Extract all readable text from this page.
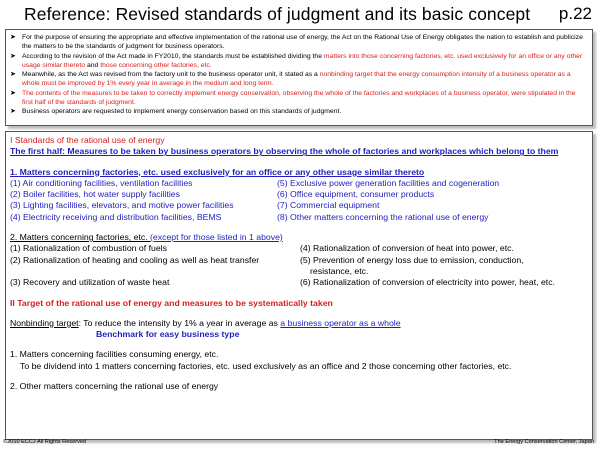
Reference: Revised standards of judgment and its basic concept p.22
➤ For the purpose of ensuring the appropriate and effective implementation of the rational use of energy, the Act on the Rational Use of Energy obligates the nation to establish and publicize the matters to be the standards of judgment for business operators.
➤ According to the revision of the Act made in FY2010, the standards must be established dividing the matters into those concerning factories, etc. used exclusively for an office or any other usage similar thereto and those concerning other factories, etc.
➤ Meanwhile, as the Act was revised from the factory unit to the business operator unit, it stated as a nonbinding target that the energy consumption intensity of a business operator as a whole must be improved by 1% every year in average in the medium and long term.
➤ The contents of the measures to be taken to correctly implement energy conservation, observing the whole of the factories and workplaces of a business operator, were stipulated in the first half of the standards of judgment.
➤ Business operators are requested to implement energy conservation based on this standards of judgment.

I Standards of the rational use of energy

The first half: Measures to be taken by business operators by observing the whole of factories and workplaces which belong to them

1. Matters concerning factories, etc. used exclusively for an office or any other usage similar thereto

(1) Air conditioning facilities, ventilation facilities	(5) Exclusive power generation facilities and cogeneration
(2) Boiler facilities, hot water supply facilities	(6) Office equipment, consumer products
(3) Lighting facilities, elevators, and motive power facilities	(7) Commercial equipment
(4) Electricity receiving and distribution facilities, BEMS	(8) Other matters concerning the rational use of energy

2. Matters concerning factories, etc. (except for those listed in 1 above)

(1) Rationalization of combustion of fuels	(4) Rationalization of conversion of heat into power, etc.
(2) Rationalization of heating and cooling as well as heat transfer	(5) Prevention of energy loss due to emission, conduction,
resistance, etc.
(3) Recovery and utilization of waste heat	(6) Rationalization of conversion of electricity into power, heat, etc.

II Target of the rational use of energy and measures to be systematically taken

Nonbinding target: To reduce the intensity by 1% a year in average as a business operator as a whole

Benchmark for easy business type

1. Matters concerning facilities consuming energy, etc.

To be dividend into 1 matters concerning factories, etc. used exclusively as an office and 2 those concerning other factories, etc.

2. Other matters concerning the rational use of energy

©2010 ECCJ All Rights Reserved	The Energy Conservation Center, Japan
